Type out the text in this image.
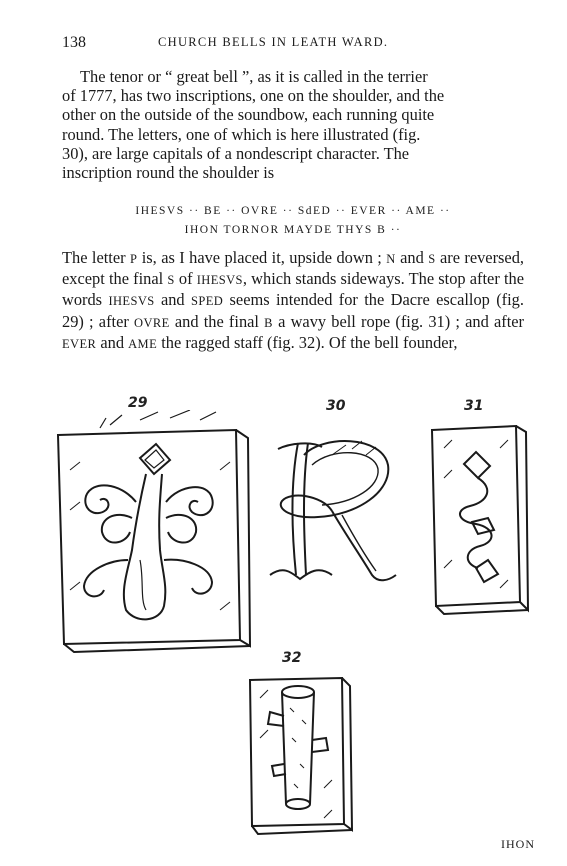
138	CHURCH BELLS IN LEATH WARD.
The tenor or “ great bell ”, as it is called in the terrier
of 1777, has two inscriptions, one on the shoulder, and the
other on the outside of the soundbow, each running quite
round. The letters, one of which is here illustrated (fig.
30), are large capitals of a nondescript character. The
inscription round the shoulder is
IHESVS ·· BE ·· OVRE ·· SdED ·· EVER ·· AME ··
IHON TORNOR MAYDE THYS B ··

The letter P is, as I have placed it, upside down ; N and S are reversed, except the final S of IHESVS, which stands sideways. The stop after the words IHESVS and SPED seems intended for the Dacre escallop (fig. 29) ; after OVRE and the final B a wavy bell rope (fig. 31) ; and after EVER and AME the ragged staff (fig. 32). Of the bell founder,

29	30	31
32
IHON
